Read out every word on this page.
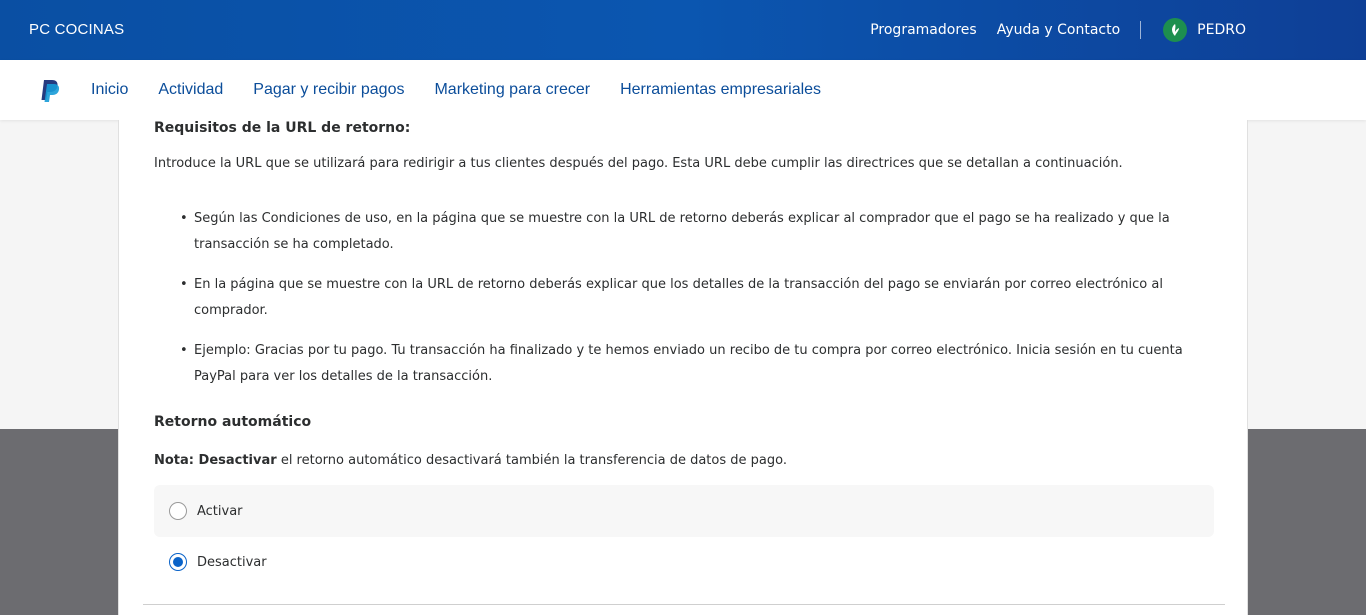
PC COCINAS	Programadores Ayuda y Contacto	PEDRO
Inicio Actividad Pagar y recibir pagos Marketing para crecer Herramientas empresariales
Requisitos de la URL de retorno:
Introduce la URL que se utilizará para redirigir a tus clientes después del pago. Esta URL debe cumplir las directrices que se detallan a continuación.
• Según las Condiciones de uso, en la página que se muestre con la URL de retorno deberás explicar al comprador que el pago se ha realizado y que la transacción se ha completado.
• En la página que se muestre con la URL de retorno deberás explicar que los detalles de la transacción del pago se enviarán por correo electrónico al comprador.
• Ejemplo: Gracias por tu pago. Tu transacción ha finalizado y te hemos enviado un recibo de tu compra por correo electrónico. Inicia sesión en tu cuenta PayPal para ver los detalles de la transacción.
Retorno automático
Nota: Desactivar el retorno automático desactivará también la transferencia de datos de pago.
Activar
Desactivar
